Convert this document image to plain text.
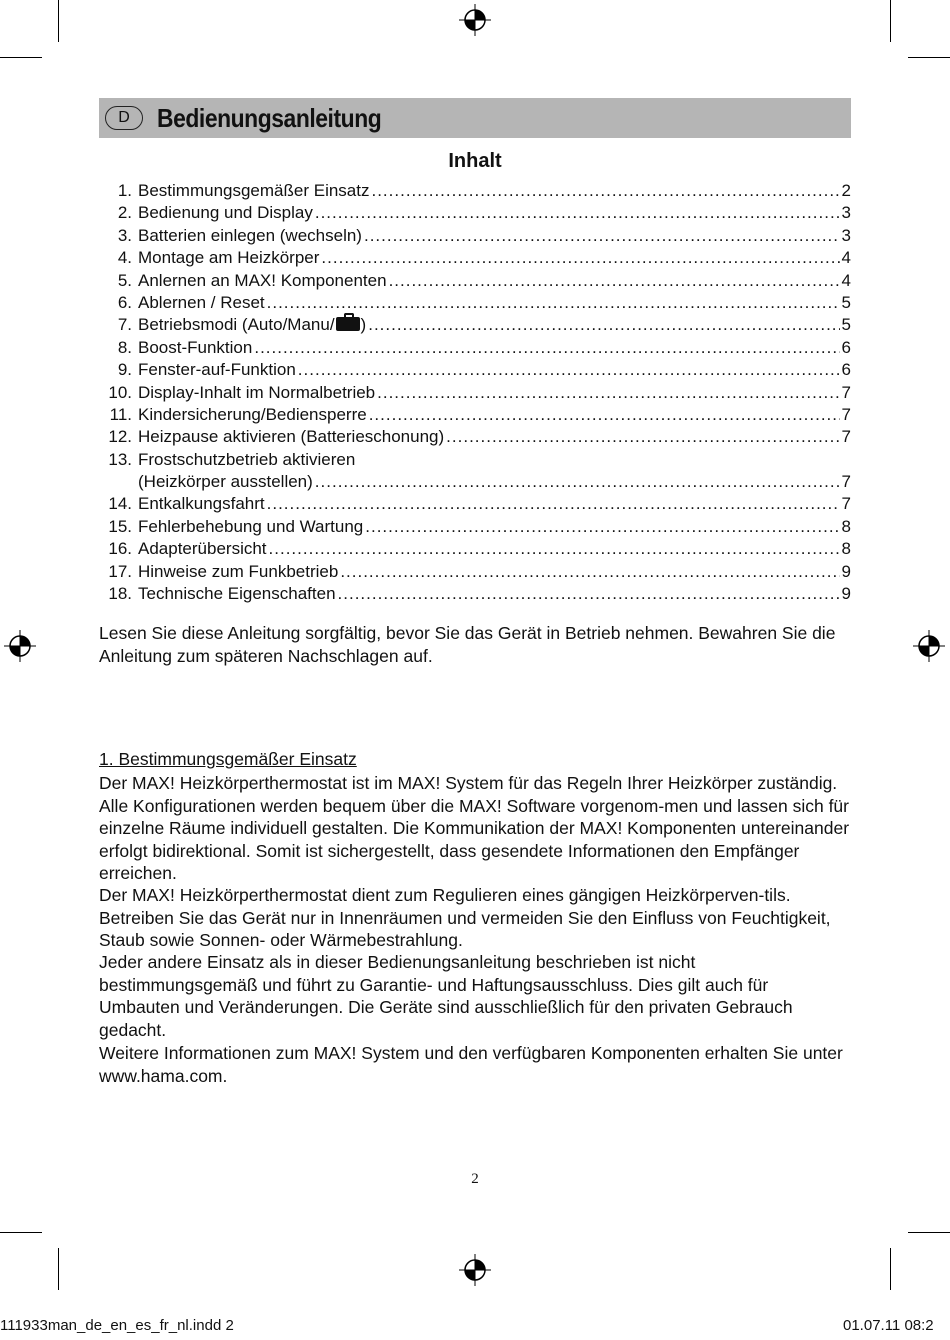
D	Bedienungsanleitung
Inhalt
1. Bestimmungsgemäßer Einsatz .....	2
2. Bedienung und Display .....	3
3. Batterien einlegen (wechseln) .....	3
4. Montage am Heizkörper .....	4
5. Anlernen an MAX! Komponenten .....	4
6. Ablernen / Reset .....	5
7. Betriebsmodi (Auto/Manu/ ) .....	5
8. Boost-Funktion .....	6
9. Fenster-auf-Funktion .....	6
10. Display-Inhalt im Normalbetrieb .....	7
11. Kindersicherung/Bediensperre .....	7
12. Heizpause aktivieren (Batterieschonung) .....	7
13. Frostschutzbetrieb aktivieren
(Heizkörper ausstellen) .....	7
14. Entkalkungsfahrt .....	7
15. Fehlerbehebung und Wartung .....	8
16. Adapterübersicht .....	8
17. Hinweise zum Funkbetrieb .....	9
18. Technische Eigenschaften .....	9

Lesen Sie diese Anleitung sorgfältig, bevor Sie das Gerät in Betrieb nehmen. Bewahren Sie die Anleitung zum späteren Nachschlagen auf.

1. Bestimmungsgemäßer Einsatz

Der MAX! Heizkörperthermostat ist im MAX! System für das Regeln Ihrer Heizkörper zuständig. Alle Konfigurationen werden bequem über die MAX! Software vorgenom-men und lassen sich für einzelne Räume individuell gestalten. Die Kommunikation der MAX! Komponenten untereinander erfolgt bidirektional. Somit ist sichergestellt, dass gesendete Informationen den Empfänger erreichen.

Der MAX! Heizkörperthermostat dient zum Regulieren eines gängigen Heizkörperven-tils. Betreiben Sie das Gerät nur in Innenräumen und vermeiden Sie den Einfluss von Feuchtigkeit, Staub sowie Sonnen- oder Wärmebestrahlung.

Jeder andere Einsatz als in dieser Bedienungsanleitung beschrieben ist nicht bestimmungsgemäß und führt zu Garantie- und Haftungsausschluss. Dies gilt auch für Umbauten und Veränderungen. Die Geräte sind ausschließlich für den privaten Gebrauch gedacht.

Weitere Informationen zum MAX! System und den verfügbaren Komponenten erhalten Sie unter www.hama.com.

2
111933man_de_en_es_fr_nl.indd 2	01.07.11 08:2
